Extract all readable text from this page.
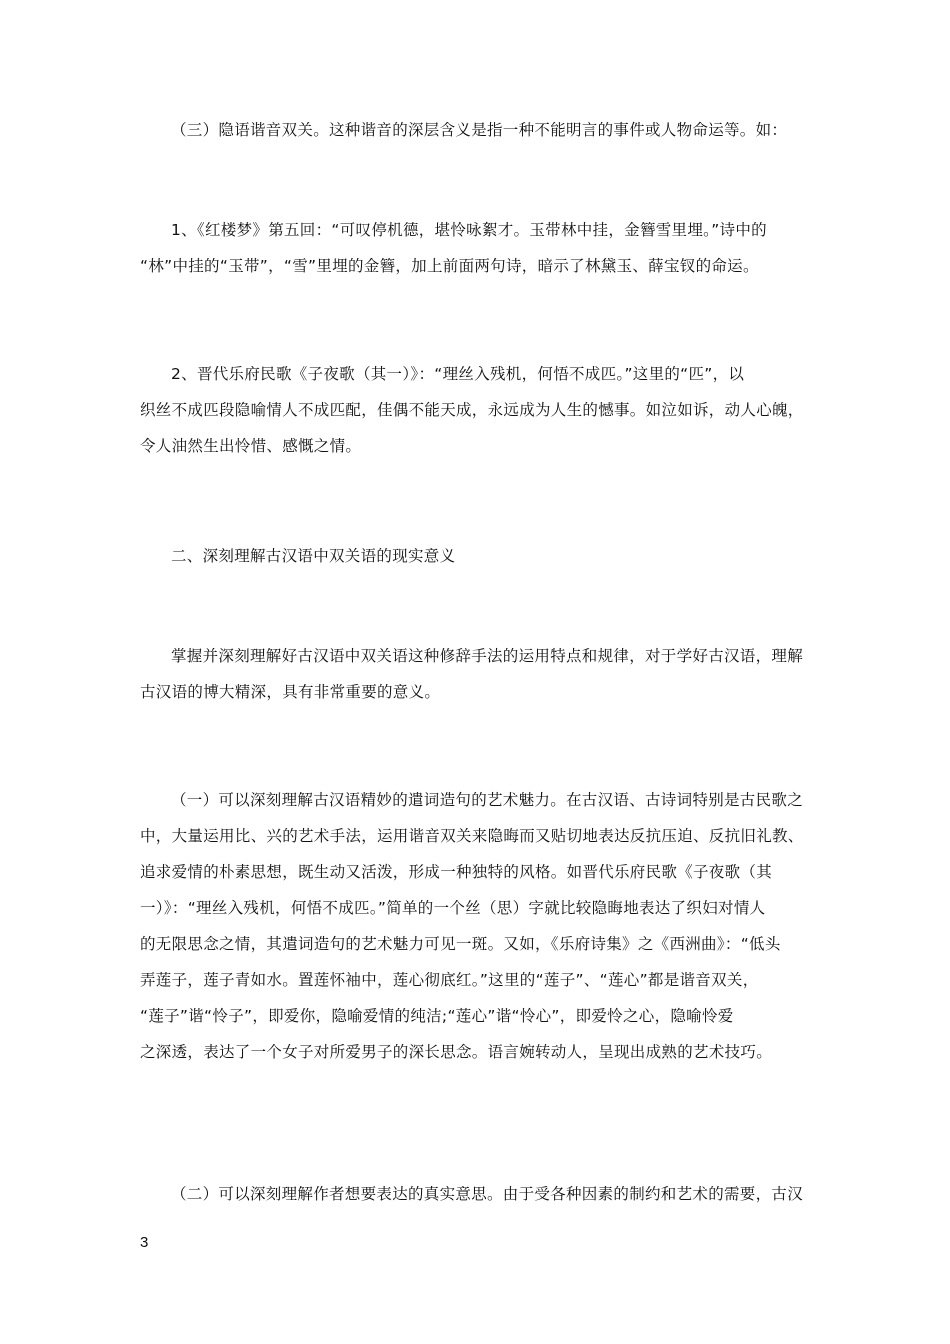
（三）隐语谐音双关。这种谐音的深层含义是指一种不能明言的事件或人物命运等。如：

1、《红楼梦》第五回：“可叹停机德，堪怜咏絮才。玉带林中挂，金簪雪里埋。”诗中的
“林”中挂的“玉带”，“雪”里埋的金簪，加上前面两句诗，暗示了林黛玉、薛宝钗的命运。

2、晋代乐府民歌《子夜歌（其一）》：“理丝入残机，何悟不成匹。”这里的“匹”，以
织丝不成匹段隐喻情人不成匹配，佳偶不能天成，永远成为人生的憾事。如泣如诉，动人心魄，
令人油然生出怜惜、感慨之情。

二、深刻理解古汉语中双关语的现实意义

掌握并深刻理解好古汉语中双关语这种修辞手法的运用特点和规律，对于学好古汉语，理解
古汉语的博大精深，具有非常重要的意义。

（一）可以深刻理解古汉语精妙的遣词造句的艺术魅力。在古汉语、古诗词特别是古民歌之
中，大量运用比、兴的艺术手法，运用谐音双关来隐晦而又贴切地表达反抗压迫、反抗旧礼教、
追求爱情的朴素思想，既生动又活泼，形成一种独特的风格。如晋代乐府民歌《子夜歌（其
一）》：“理丝入残机，何悟不成匹。”简单的一个丝（思）字就比较隐晦地表达了织妇对情人
的无限思念之情，其遣词造句的艺术魅力可见一斑。又如，《乐府诗集》之《西洲曲》：“低头
弄莲子，莲子青如水。置莲怀袖中，莲心彻底红。”这里的“莲子”、“莲心”都是谐音双关，
“莲子”谐“怜子”，即爱你，隐喻爱情的纯洁;“莲心”谐“怜心”，即爱怜之心，隐喻怜爱
之深透，表达了一个女子对所爱男子的深长思念。语言婉转动人，呈现出成熟的艺术技巧。

（二）可以深刻理解作者想要表达的真实意思。由于受各种因素的制约和艺术的需要，古汉

3
